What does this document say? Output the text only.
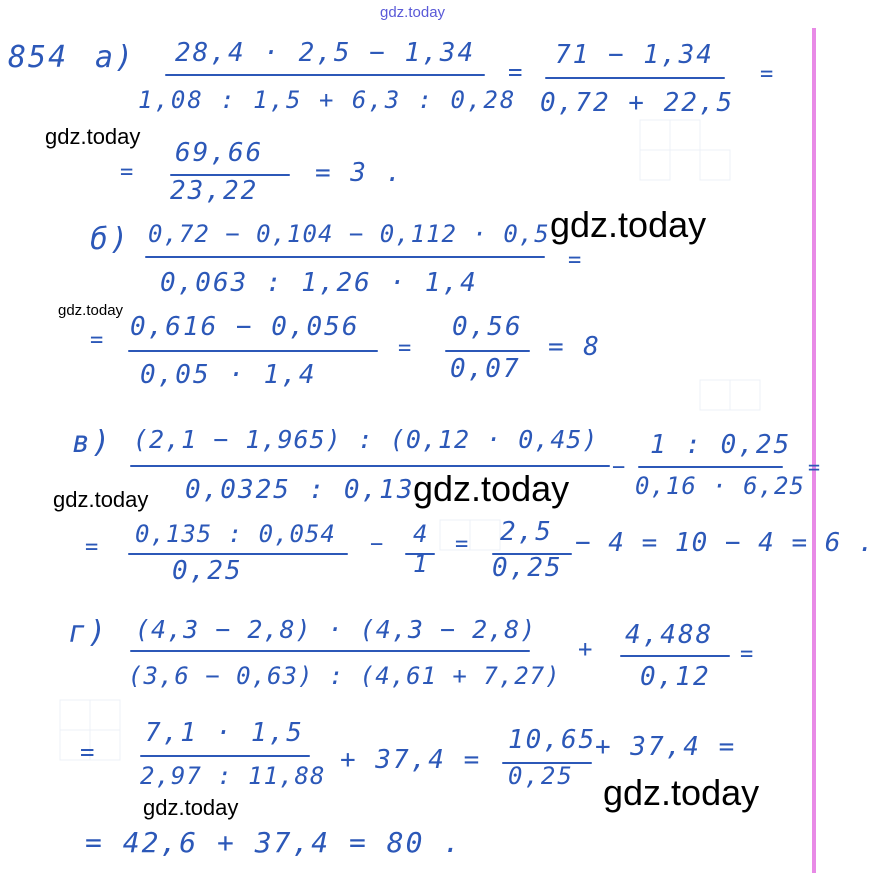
gdz.today
gdz.today
gdz.today
gdz.today
gdz.today	gdz.today
gdz.today
gdz.today
854 а) 28,4 · 2,5 − 1,34
1,08 : 1,5 + 6,3 : 0,28
=
71 − 1,34
0,72 + 22,5
=
=
69,66
23,22
= 3 .
б) 0,72 − 0,104 − 0,112 · 0,5
0,063 : 1,26 · 1,4
=
= 0,616 − 0,056
0,05 · 1,4
=
0,56
0,07
= 8
в) (2,1 − 1,965) : (0,12 · 0,45)
0,0325 : 0,13
−
1 : 0,25
0,16 · 6,25
=
= 0,135 : 0,054
0,25
− 4
1
= 2,5
0,25
− 4 = 10 − 4 = 6 .
г) (4,3 − 2,8) · (4,3 − 2,8)
(3,6 − 0,63) : (4,61 + 7,27)
+ 4,488
0,12
=
=
7,1 · 1,5
2,97 : 11,88
+ 37,4 =
10,65
0,25
+ 37,4 =
= 42,6 + 37,4 = 80 .
